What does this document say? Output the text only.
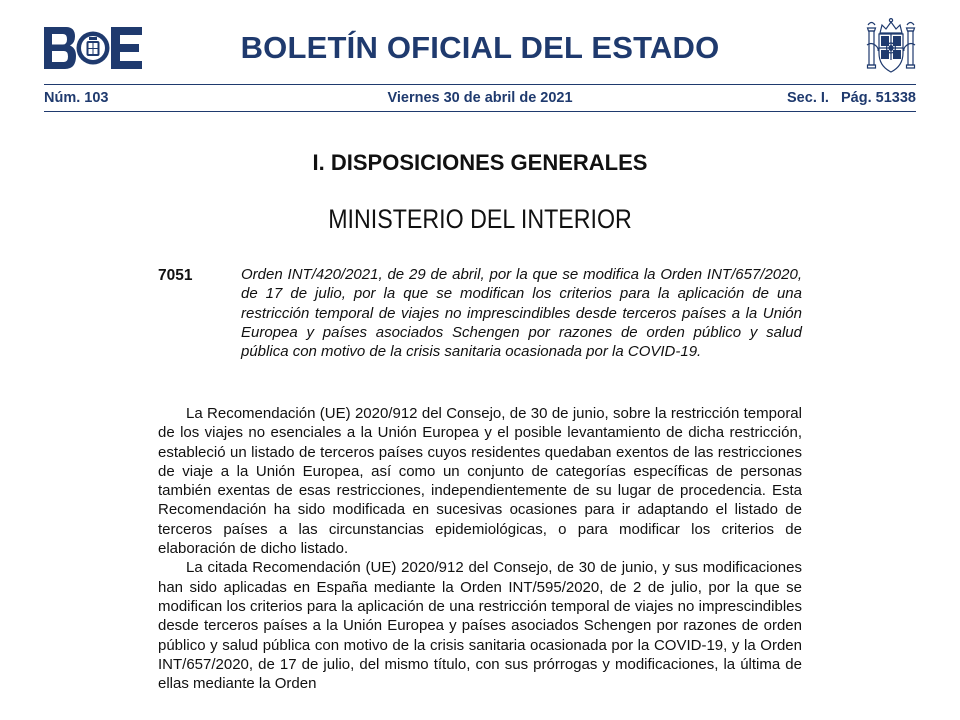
BOLETÍN OFICIAL DEL ESTADO
Núm. 103	Viernes 30 de abril de 2021	Sec. I.   Pág. 51338
I. DISPOSICIONES GENERALES
MINISTERIO DEL INTERIOR
7051	Orden INT/420/2021, de 29 de abril, por la que se modifica la Orden INT/657/2020, de 17 de julio, por la que se modifican los criterios para la aplicación de una restricción temporal de viajes no imprescindibles desde terceros países a la Unión Europea y países asociados Schengen por razones de orden público y salud pública con motivo de la crisis sanitaria ocasionada por la COVID-19.

La Recomendación (UE) 2020/912 del Consejo, de 30 de junio, sobre la restricción temporal de los viajes no esenciales a la Unión Europea y el posible levantamiento de dicha restricción, estableció un listado de terceros países cuyos residentes quedaban exentos de las restricciones de viaje a la Unión Europea, así como un conjunto de categorías específicas de personas también exentas de esas restricciones, independientemente de su lugar de procedencia. Esta Recomendación ha sido modificada en sucesivas ocasiones para ir adaptando el listado de terceros países a las circunstancias epidemiológicas, o para modificar los criterios de elaboración de dicho listado.

La citada Recomendación (UE) 2020/912 del Consejo, de 30 de junio, y sus modificaciones han sido aplicadas en España mediante la Orden INT/595/2020, de 2 de julio, por la que se modifican los criterios para la aplicación de una restricción temporal de viajes no imprescindibles desde terceros países a la Unión Europea y países asociados Schengen por razones de orden público y salud pública con motivo de la crisis sanitaria ocasionada por la COVID-19, y la Orden INT/657/2020, de 17 de julio, del mismo título, con sus prórrogas y modificaciones, la última de ellas mediante la Orden
